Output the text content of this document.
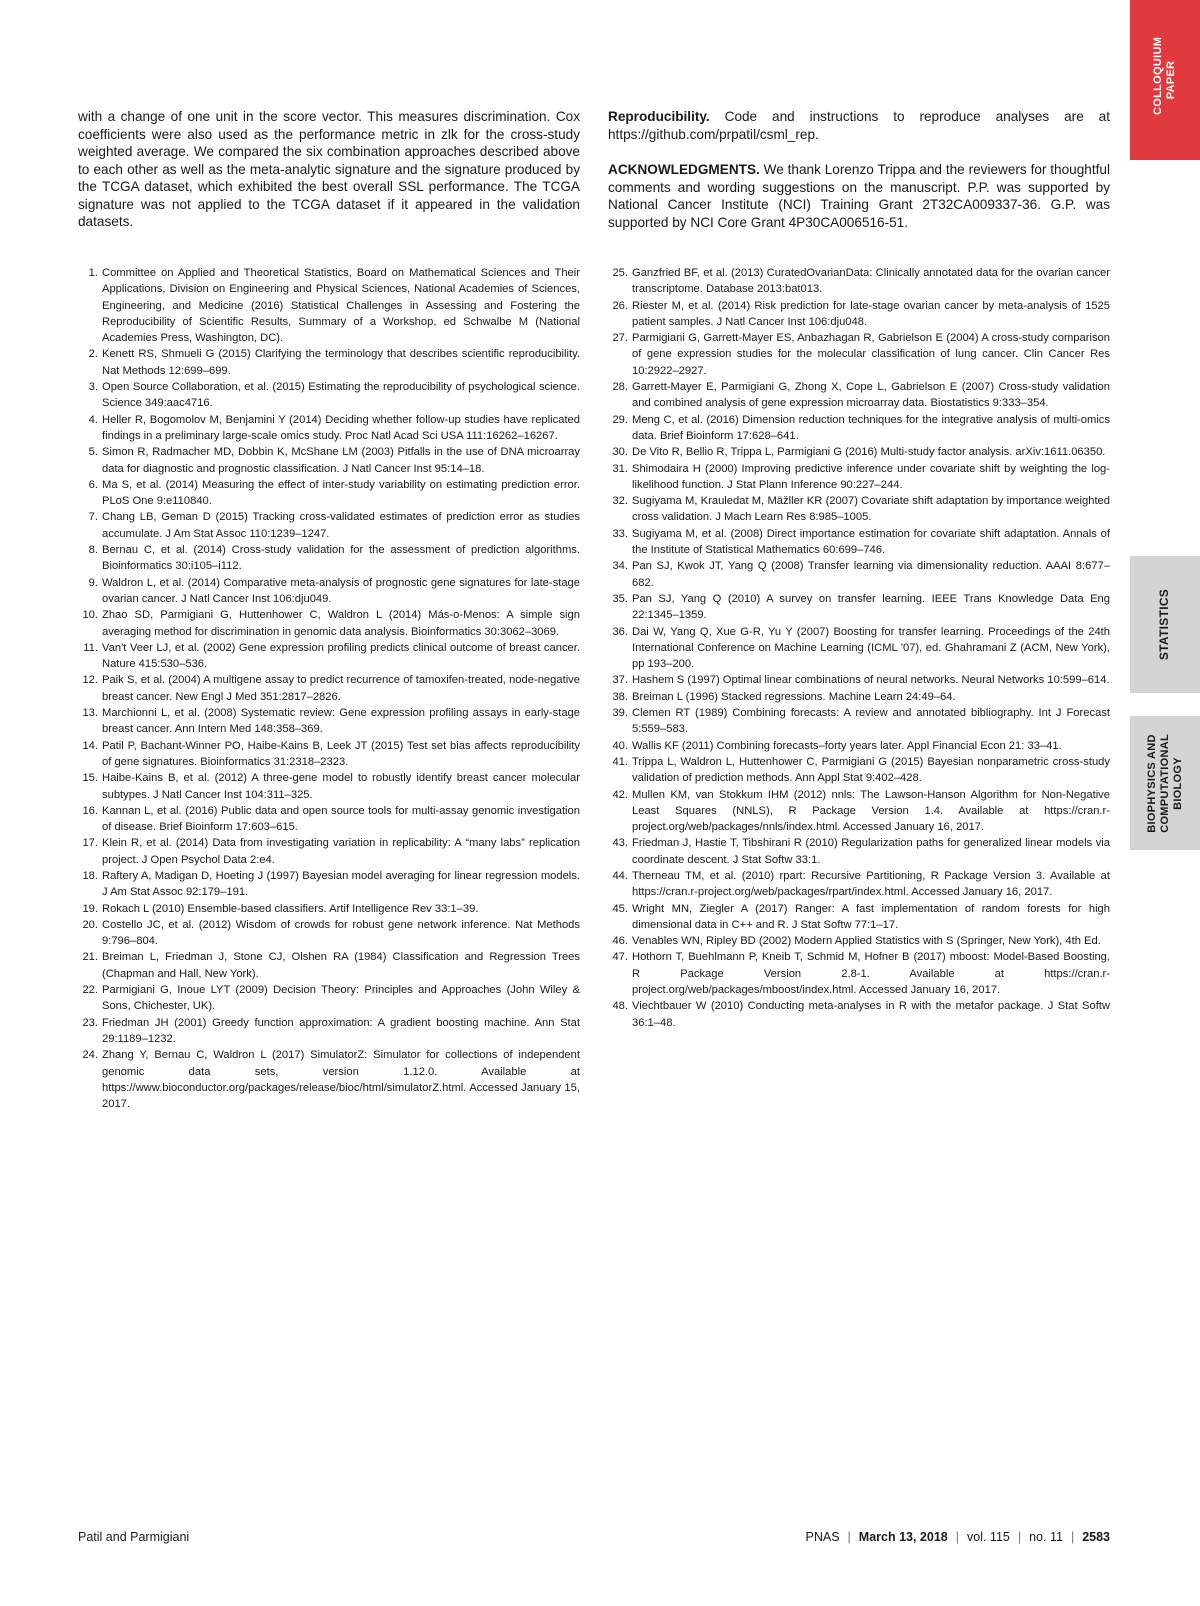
COLLOQUIUM PAPER
STATISTICS
BIOPHYSICS AND COMPUTATIONAL BIOLOGY

with a change of one unit in the score vector. This measures discrimination. Cox coefficients were also used as the performance metric in zlk for the cross-study weighted average. We compared the six combination approaches described above to each other as well as the meta-analytic signature and the signature produced by the TCGA dataset, which exhibited the best overall SSL performance. The TCGA signature was not applied to the TCGA dataset if it appeared in the validation datasets.

Reproducibility. Code and instructions to reproduce analyses are at https://github.com/prpatil/csml_rep.

ACKNOWLEDGMENTS. We thank Lorenzo Trippa and the reviewers for thoughtful comments and wording suggestions on the manuscript. P.P. was supported by National Cancer Institute (NCI) Training Grant 2T32CA009337-36. G.P. was supported by NCI Core Grant 4P30CA006516-51.

1. Committee on Applied and Theoretical Statistics, Board on Mathematical Sciences and Their Applications, Division on Engineering and Physical Sciences, National Academies of Sciences, Engineering, and Medicine (2016) Statistical Challenges in Assessing and Fostering the Reproducibility of Scientific Results, Summary of a Workshop, ed Schwalbe M (National Academies Press, Washington, DC).
2. Kenett RS, Shmueli G (2015) Clarifying the terminology that describes scientific reproducibility. Nat Methods 12:699–699.
3. Open Source Collaboration, et al. (2015) Estimating the reproducibility of psychological science. Science 349:aac4716.
4. Heller R, Bogomolov M, Benjamini Y (2014) Deciding whether follow-up studies have replicated findings in a preliminary large-scale omics study. Proc Natl Acad Sci USA 111:16262–16267.
5. Simon R, Radmacher MD, Dobbin K, McShane LM (2003) Pitfalls in the use of DNA microarray data for diagnostic and prognostic classification. J Natl Cancer Inst 95:14–18.
6. Ma S, et al. (2014) Measuring the effect of inter-study variability on estimating prediction error. PLoS One 9:e110840.
7. Chang LB, Geman D (2015) Tracking cross-validated estimates of prediction error as studies accumulate. J Am Stat Assoc 110:1239–1247.
8. Bernau C, et al. (2014) Cross-study validation for the assessment of prediction algorithms. Bioinformatics 30:i105–i112.
9. Waldron L, et al. (2014) Comparative meta-analysis of prognostic gene signatures for late-stage ovarian cancer. J Natl Cancer Inst 106:dju049.
10. Zhao SD, Parmigiani G, Huttenhower C, Waldron L (2014) Más-o-Menos: A simple sign averaging method for discrimination in genomic data analysis. Bioinformatics 30:3062–3069.
11. Van't Veer LJ, et al. (2002) Gene expression profiling predicts clinical outcome of breast cancer. Nature 415:530–536.
12. Paik S, et al. (2004) A multigene assay to predict recurrence of tamoxifen-treated, node-negative breast cancer. New Engl J Med 351:2817–2826.
13. Marchionni L, et al. (2008) Systematic review: Gene expression profiling assays in early-stage breast cancer. Ann Intern Med 148:358–369.
14. Patil P, Bachant-Winner PO, Haibe-Kains B, Leek JT (2015) Test set bias affects reproducibility of gene signatures. Bioinformatics 31:2318–2323.
15. Haibe-Kains B, et al. (2012) A three-gene model to robustly identify breast cancer molecular subtypes. J Natl Cancer Inst 104:311–325.
16. Kannan L, et al. (2016) Public data and open source tools for multi-assay genomic investigation of disease. Brief Bioinform 17:603–615.
17. Klein R, et al. (2014) Data from investigating variation in replicability: A “many labs” replication project. J Open Psychol Data 2:e4.
18. Raftery A, Madigan D, Hoeting J (1997) Bayesian model averaging for linear regression models. J Am Stat Assoc 92:179–191.
19. Rokach L (2010) Ensemble-based classifiers. Artif Intelligence Rev 33:1–39.
20. Costello JC, et al. (2012) Wisdom of crowds for robust gene network inference. Nat Methods 9:796–804.
21. Breiman L, Friedman J, Stone CJ, Olshen RA (1984) Classification and Regression Trees (Chapman and Hall, New York).
22. Parmigiani G, Inoue LYT (2009) Decision Theory: Principles and Approaches (John Wiley & Sons, Chichester, UK).
23. Friedman JH (2001) Greedy function approximation: A gradient boosting machine. Ann Stat 29:1189–1232.
24. Zhang Y, Bernau C, Waldron L (2017) SimulatorZ: Simulator for collections of independent genomic data sets, version 1.12.0. Available at https://www.bioconductor.org/packages/release/bioc/html/simulatorZ.html. Accessed January 15, 2017.
25. Ganzfried BF, et al. (2013) CuratedOvarianData: Clinically annotated data for the ovarian cancer transcriptome. Database 2013:bat013.
26. Riester M, et al. (2014) Risk prediction for late-stage ovarian cancer by meta-analysis of 1525 patient samples. J Natl Cancer Inst 106:dju048.
27. Parmigiani G, Garrett-Mayer ES, Anbazhagan R, Gabrielson E (2004) A cross-study comparison of gene expression studies for the molecular classification of lung cancer. Clin Cancer Res 10:2922–2927.
28. Garrett-Mayer E, Parmigiani G, Zhong X, Cope L, Gabrielson E (2007) Cross-study validation and combined analysis of gene expression microarray data. Biostatistics 9:333–354.
29. Meng C, et al. (2016) Dimension reduction techniques for the integrative analysis of multi-omics data. Brief Bioinform 17:628–641.
30. De Vito R, Bellio R, Trippa L, Parmigiani G (2016) Multi-study factor analysis. arXiv:1611.06350.
31. Shimodaira H (2000) Improving predictive inference under covariate shift by weighting the log-likelihood function. J Stat Plann Inference 90:227–244.
32. Sugiyama M, Krauledat M, Mäžller KR (2007) Covariate shift adaptation by importance weighted cross validation. J Mach Learn Res 8:985–1005.
33. Sugiyama M, et al. (2008) Direct importance estimation for covariate shift adaptation. Annals of the Institute of Statistical Mathematics 60:699–746.
34. Pan SJ, Kwok JT, Yang Q (2008) Transfer learning via dimensionality reduction. AAAI 8:677–682.
35. Pan SJ, Yang Q (2010) A survey on transfer learning. IEEE Trans Knowledge Data Eng 22:1345–1359.
36. Dai W, Yang Q, Xue G-R, Yu Y (2007) Boosting for transfer learning. Proceedings of the 24th International Conference on Machine Learning (ICML '07), ed. Ghahramani Z (ACM, New York), pp 193–200.
37. Hashem S (1997) Optimal linear combinations of neural networks. Neural Networks 10:599–614.
38. Breiman L (1996) Stacked regressions. Machine Learn 24:49–64.
39. Clemen RT (1989) Combining forecasts: A review and annotated bibliography. Int J Forecast 5:559–583.
40. Wallis KF (2011) Combining forecasts–forty years later. Appl Financial Econ 21: 33–41.
41. Trippa L, Waldron L, Huttenhower C, Parmigiani G (2015) Bayesian nonparametric cross-study validation of prediction methods. Ann Appl Stat 9:402–428.
42. Mullen KM, van Stokkum IHM (2012) nnls: The Lawson-Hanson Algorithm for Non-Negative Least Squares (NNLS), R Package Version 1.4. Available at https://cran.r-project.org/web/packages/nnls/index.html. Accessed January 16, 2017.
43. Friedman J, Hastie T, Tibshirani R (2010) Regularization paths for generalized linear models via coordinate descent. J Stat Softw 33:1.
44. Therneau TM, et al. (2010) rpart: Recursive Partitioning, R Package Version 3. Available at https://cran.r-project.org/web/packages/rpart/index.html. Accessed January 16, 2017.
45. Wright MN, Ziegler A (2017) Ranger: A fast implementation of random forests for high dimensional data in C++ and R. J Stat Softw 77:1–17.
46. Venables WN, Ripley BD (2002) Modern Applied Statistics with S (Springer, New York), 4th Ed.
47. Hothorn T, Buehlmann P, Kneib T, Schmid M, Hofner B (2017) mboost: Model-Based Boosting, R Package Version 2.8-1. Available at https://cran.r-project.org/web/packages/mboost/index.html. Accessed January 16, 2017.
48. Viechtbauer W (2010) Conducting meta-analyses in R with the metafor package. J Stat Softw 36:1–48.
Patil and Parmigiani	PNAS | March 13, 2018 | vol. 115 | no. 11 | 2583
